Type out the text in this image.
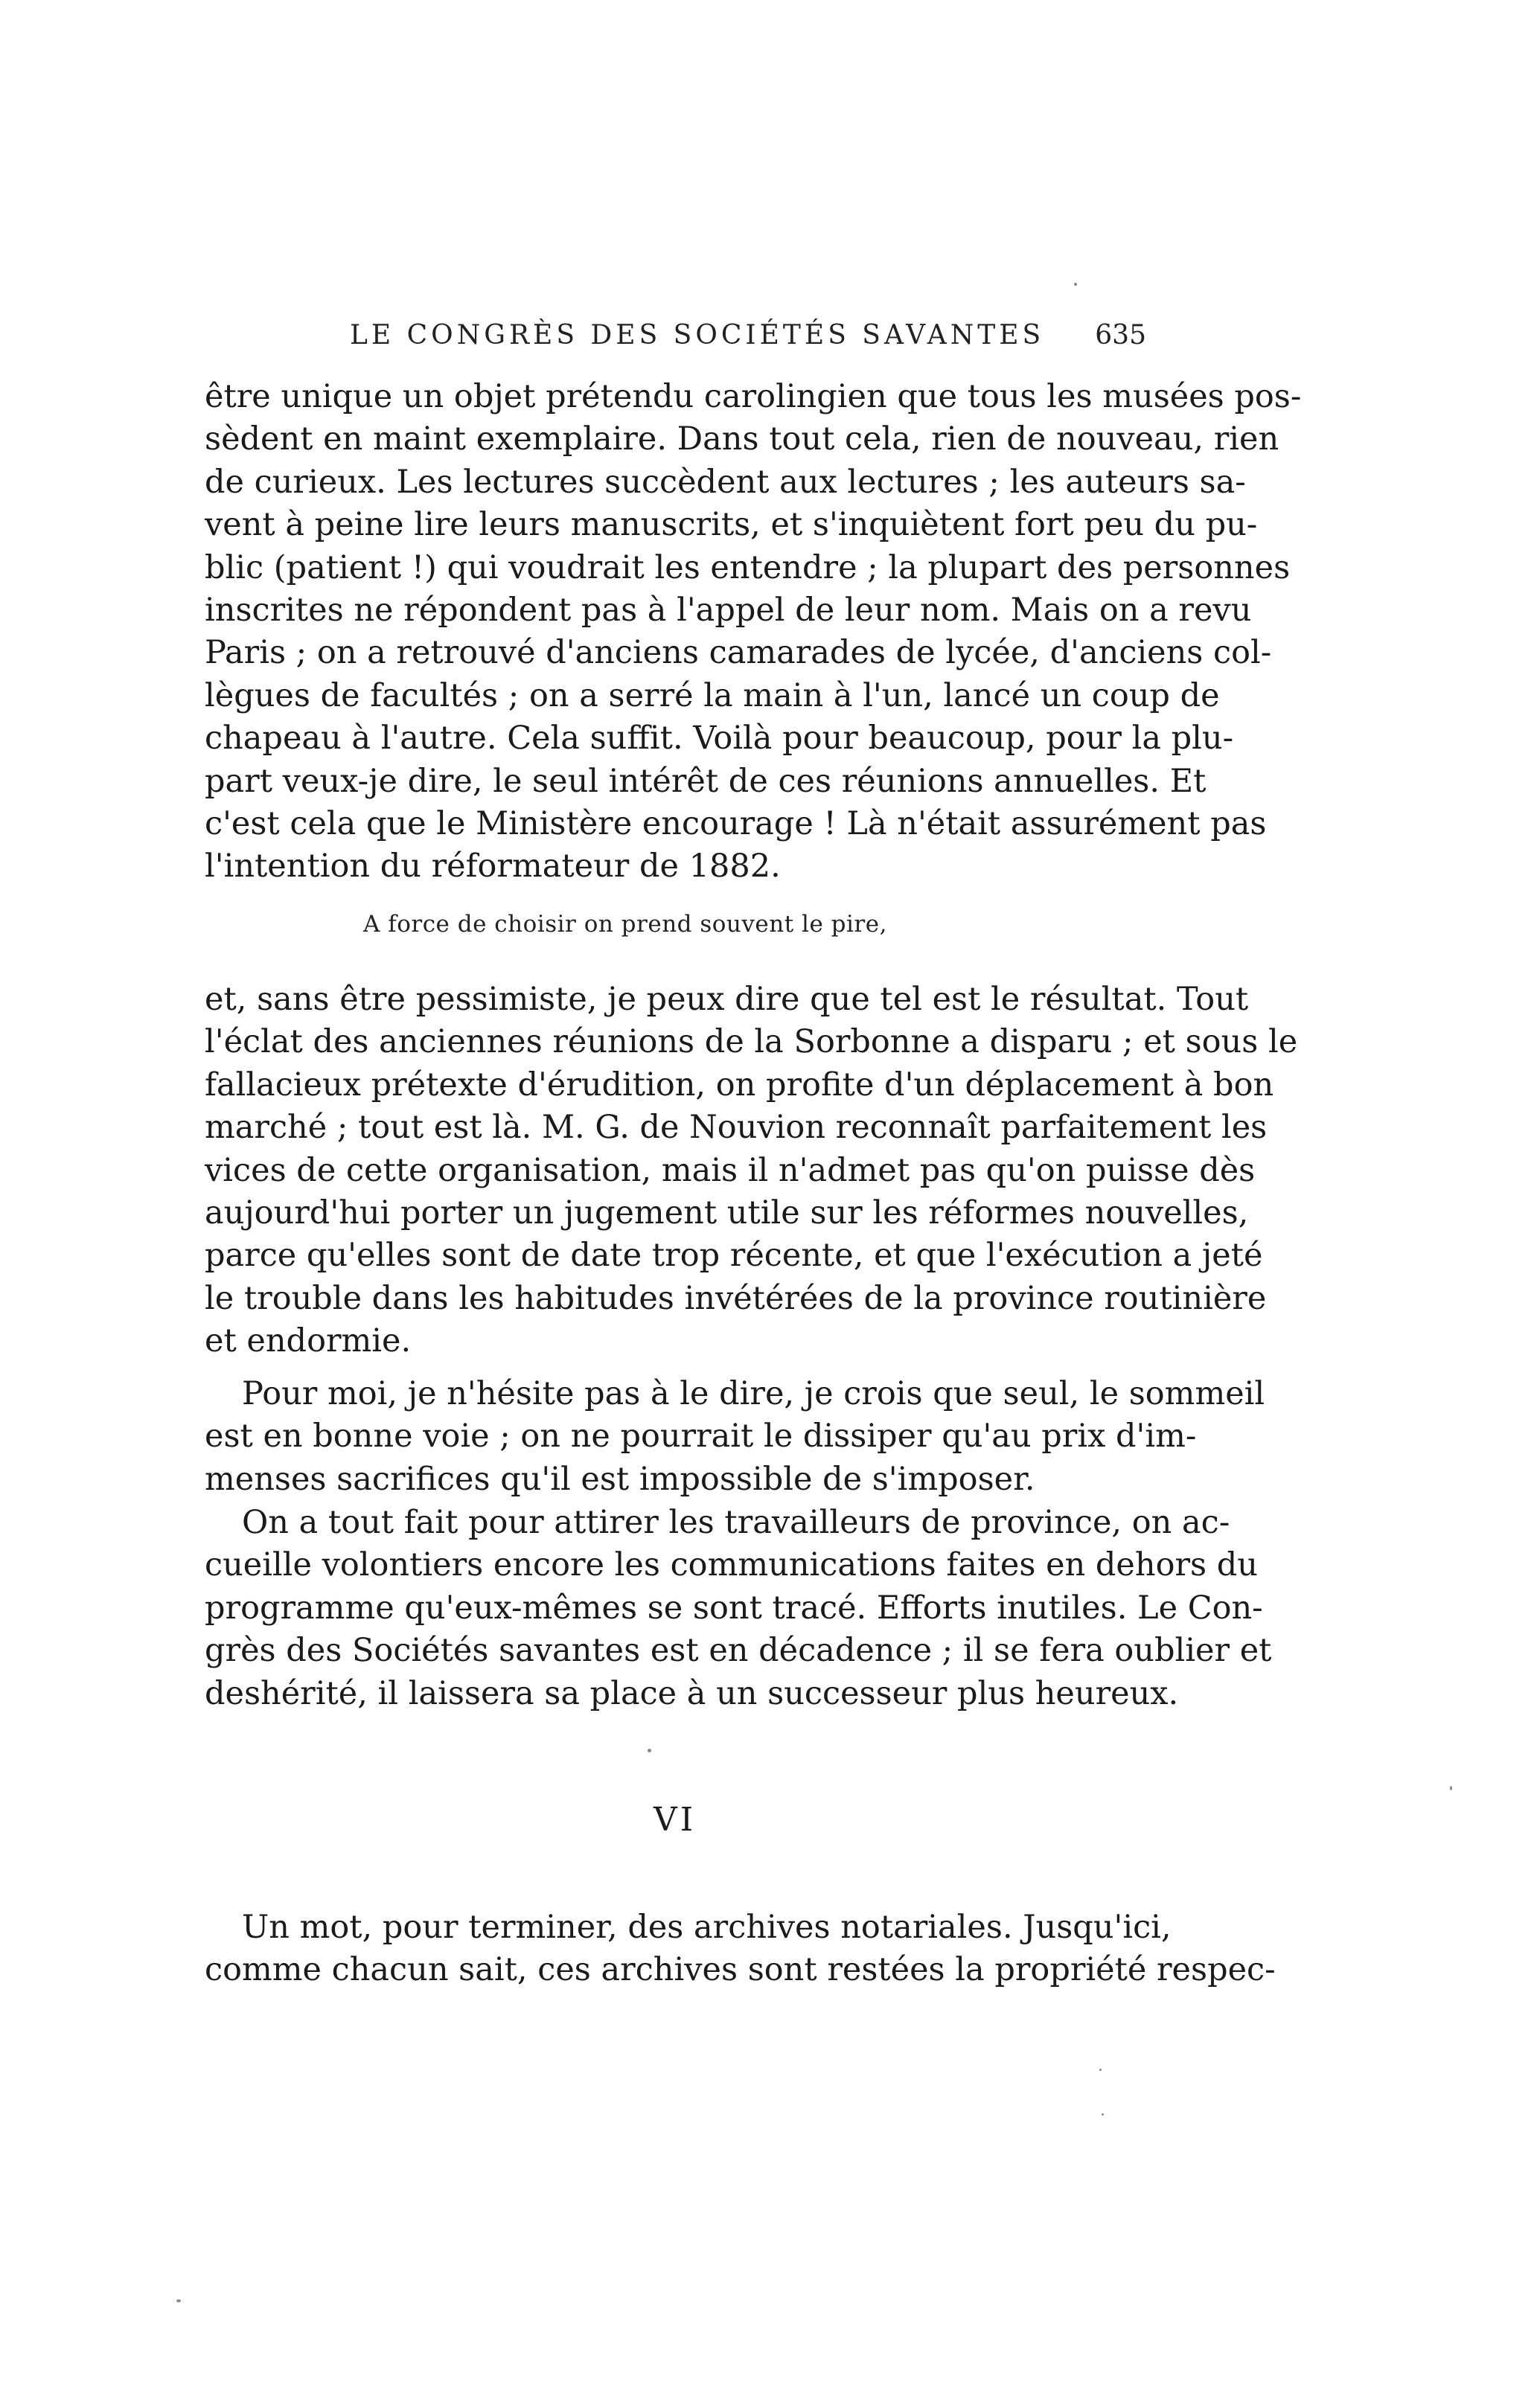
LE CONGRÈS DES SOCIÉTÉS SAVANTES 635
être unique un objet prétendu carolingien que tous les musées pos-
sèdent en maint exemplaire. Dans tout cela, rien de nouveau, rien
de curieux. Les lectures succèdent aux lectures ; les auteurs sa-
vent à peine lire leurs manuscrits, et s'inquiètent fort peu du pu-
blic (patient !) qui voudrait les entendre ; la plupart des personnes
inscrites ne répondent pas à l'appel de leur nom. Mais on a revu
Paris ; on a retrouvé d'anciens camarades de lycée, d'anciens col-
lègues de facultés ; on a serré la main à l'un, lancé un coup de
chapeau à l'autre. Cela suffit. Voilà pour beaucoup, pour la plu-
part veux-je dire, le seul intérêt de ces réunions annuelles. Et
c'est cela que le Ministère encourage ! Là n'était assurément pas
l'intention du réformateur de 1882.
A force de choisir on prend souvent le pire,
et, sans être pessimiste, je peux dire que tel est le résultat. Tout
l'éclat des anciennes réunions de la Sorbonne a disparu ; et sous le
fallacieux prétexte d'érudition, on profite d'un déplacement à bon
marché ; tout est là. M. G. de Nouvion reconnaît parfaitement les
vices de cette organisation, mais il n'admet pas qu'on puisse dès
aujourd'hui porter un jugement utile sur les réformes nouvelles,
parce qu'elles sont de date trop récente, et que l'exécution a jeté
le trouble dans les habitudes invétérées de la province routinière
et endormie.
Pour moi, je n'hésite pas à le dire, je crois que seul, le sommeil
est en bonne voie ; on ne pourrait le dissiper qu'au prix d'im-
menses sacrifices qu'il est impossible de s'imposer.
On a tout fait pour attirer les travailleurs de province, on ac-
cueille volontiers encore les communications faites en dehors du
programme qu'eux-mêmes se sont tracé. Efforts inutiles. Le Con-
grès des Sociétés savantes est en décadence ; il se fera oublier et
deshérité, il laissera sa place à un successeur plus heureux.
VI
Un mot, pour terminer, des archives notariales. Jusqu'ici,
comme chacun sait, ces archives sont restées la propriété respec-
